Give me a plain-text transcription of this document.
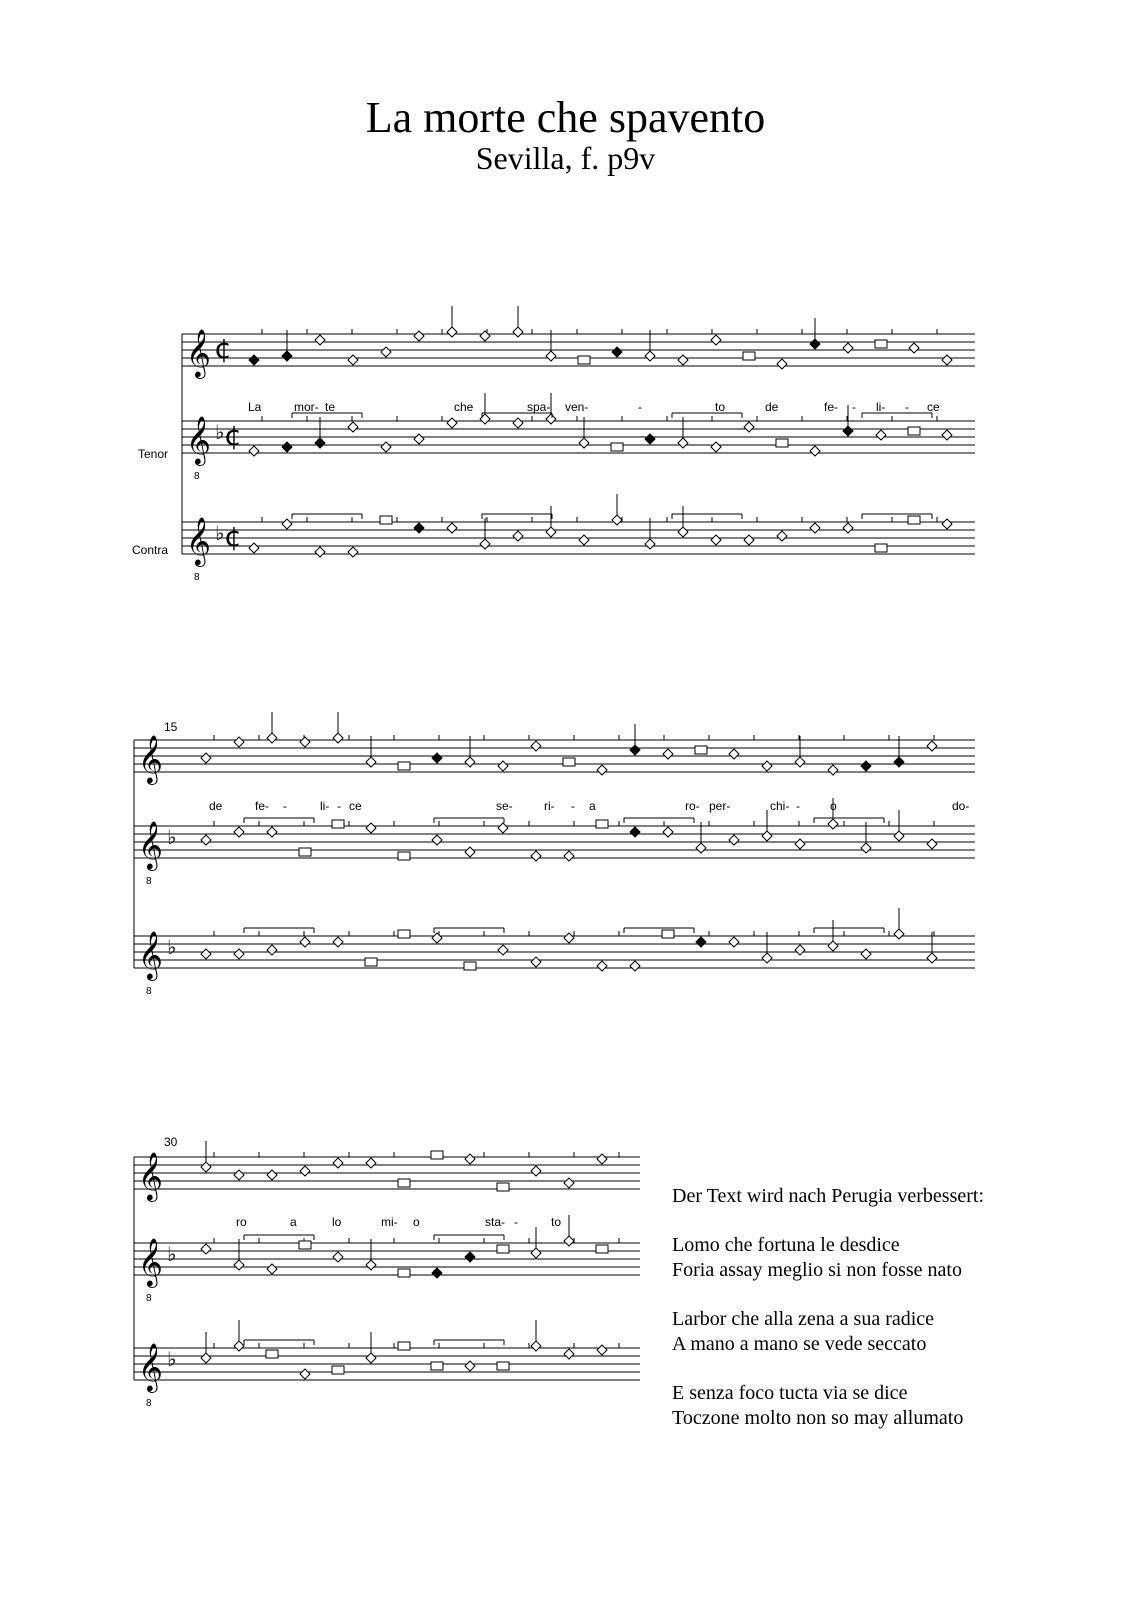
La morte che spavento
Sevilla, f. p9v
𝄞 ¢
𝄞
8
♭ ¢
𝄞
8
♭ ¢
𝄞
𝄞
8
♭
𝄞
8
♭
𝄞
𝄞
8
♭
𝄞
8
♭
Tenor
Contra
15
30
La	mor- te	che	spa- ven-	-	to	de	fe- - li- - ce
de	fe- -	li- - ce	se-	ri- - a	ro- per-	chi- -	o	do-
ro	a	lo	mi- o	sta- -	to

Der Text wird nach Perugia verbessert:

Lomo che fortuna le desdice

Foria assay meglio si non fosse nato

Larbor che alla zena a sua radice

A mano a mano se vede seccato

E senza foco tucta via se dice

Toczone molto non so may allumato
